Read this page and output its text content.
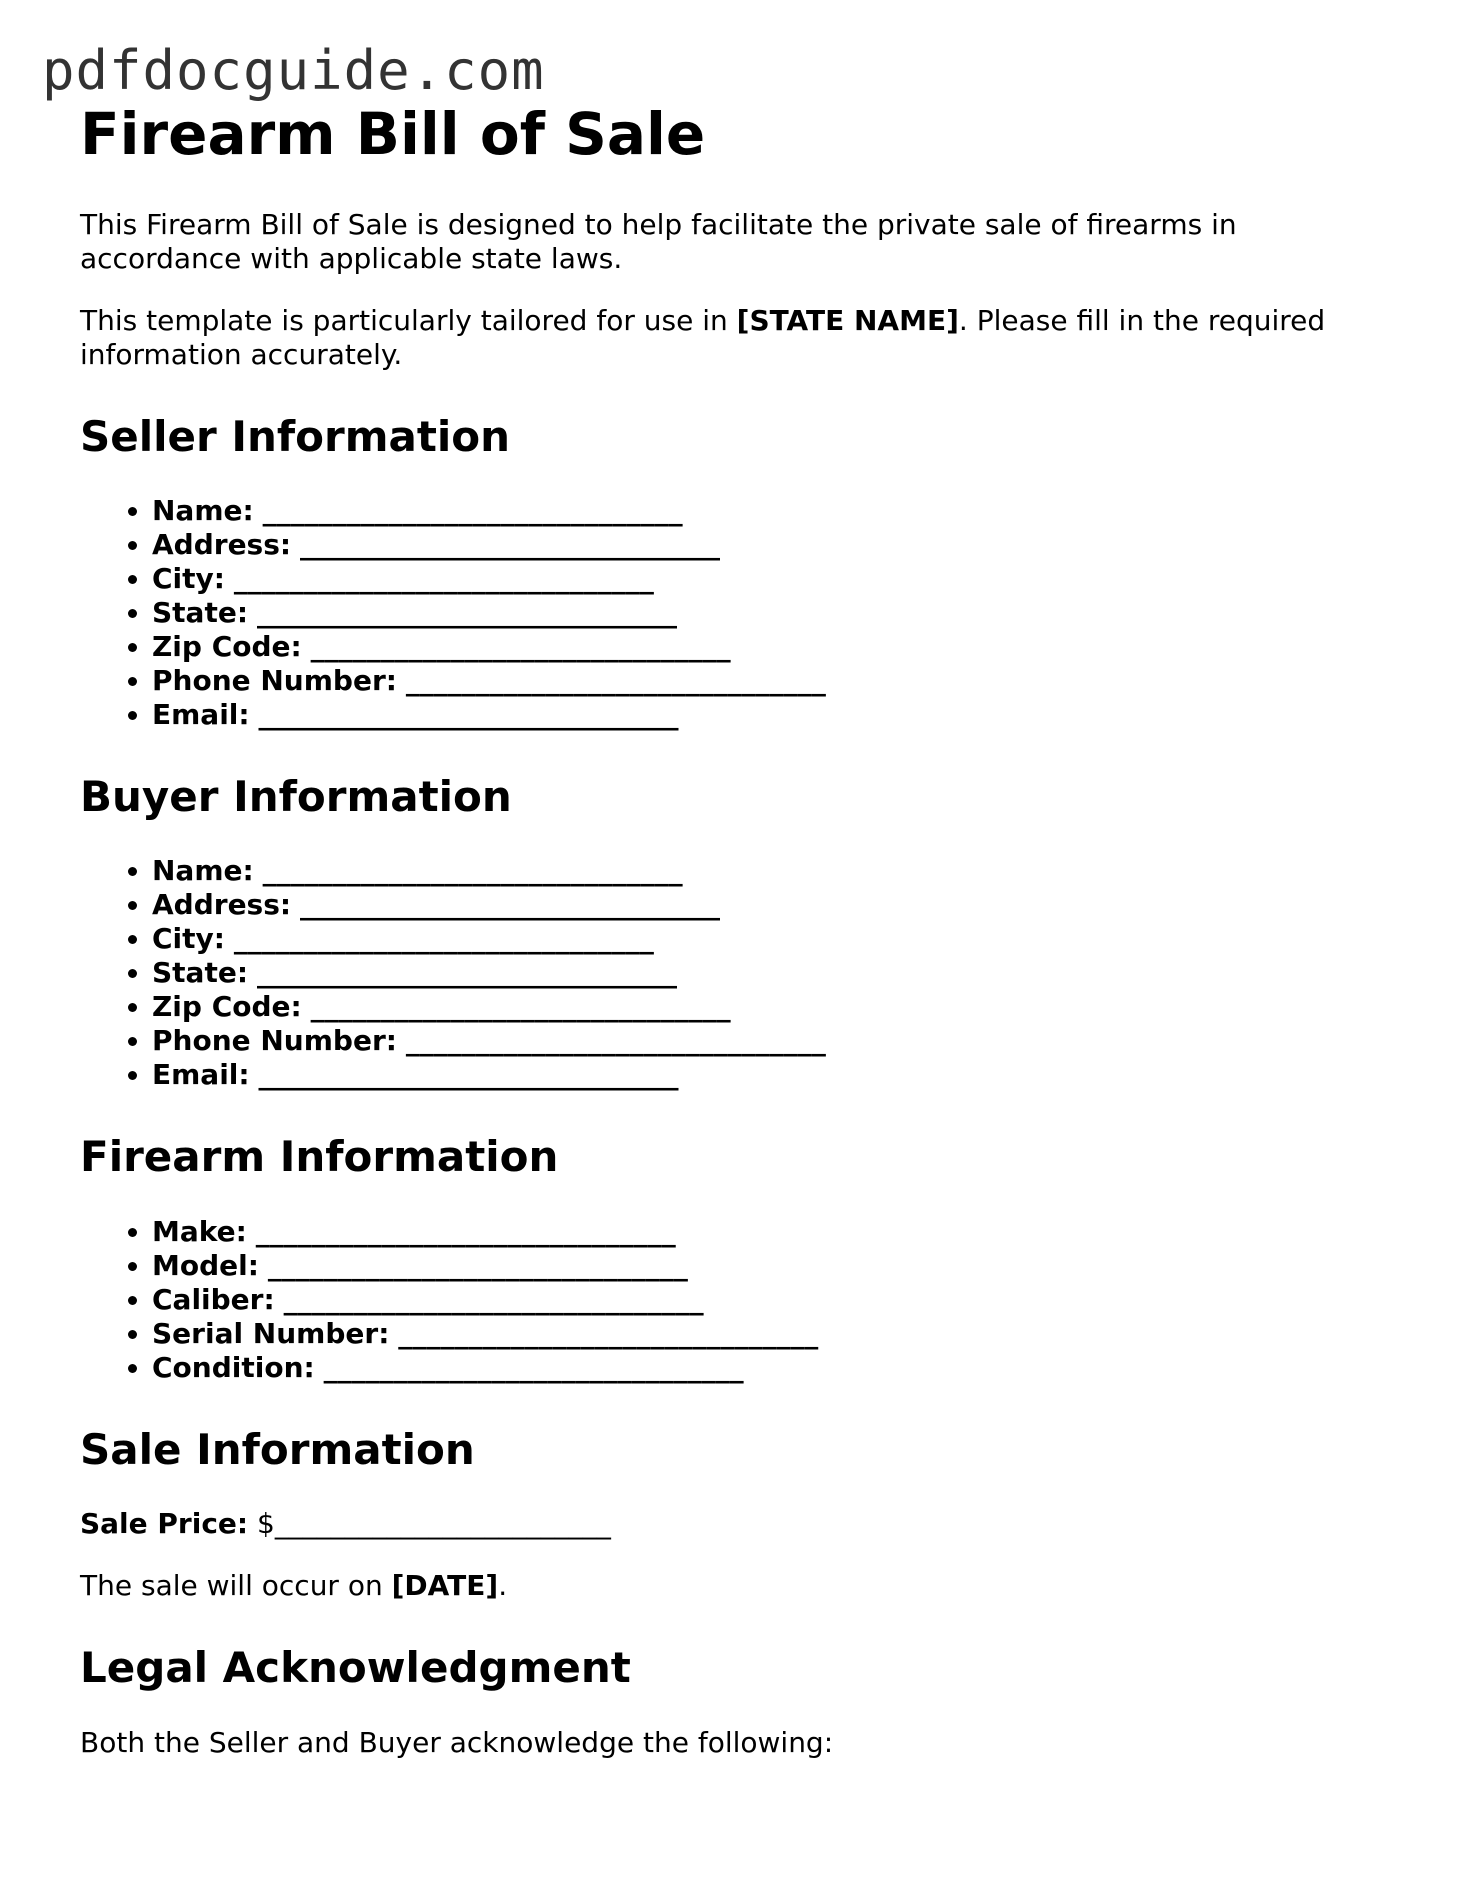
pdfdocguide.com
Firearm Bill of Sale

This Firearm Bill of Sale is designed to help facilitate the private sale of firearms in accordance with applicable state laws.

This template is particularly tailored for use in [STATE NAME]. Please fill in the required information accurately.

Seller Information
• Name: ______________________________
• Address: ______________________________
• City: ______________________________
• State: ______________________________
• Zip Code: ______________________________
• Phone Number: ______________________________
• Email: ______________________________
Buyer Information
• Name: ______________________________
• Address: ______________________________
• City: ______________________________
• State: ______________________________
• Zip Code: ______________________________
• Phone Number: ______________________________
• Email: ______________________________
Firearm Information
• Make: ______________________________
• Model: ______________________________
• Caliber: ______________________________
• Serial Number: ______________________________
• Condition: ______________________________
Sale Information

Sale Price: $________________________

The sale will occur on [DATE].

Legal Acknowledgment

Both the Seller and Buyer acknowledge the following:
